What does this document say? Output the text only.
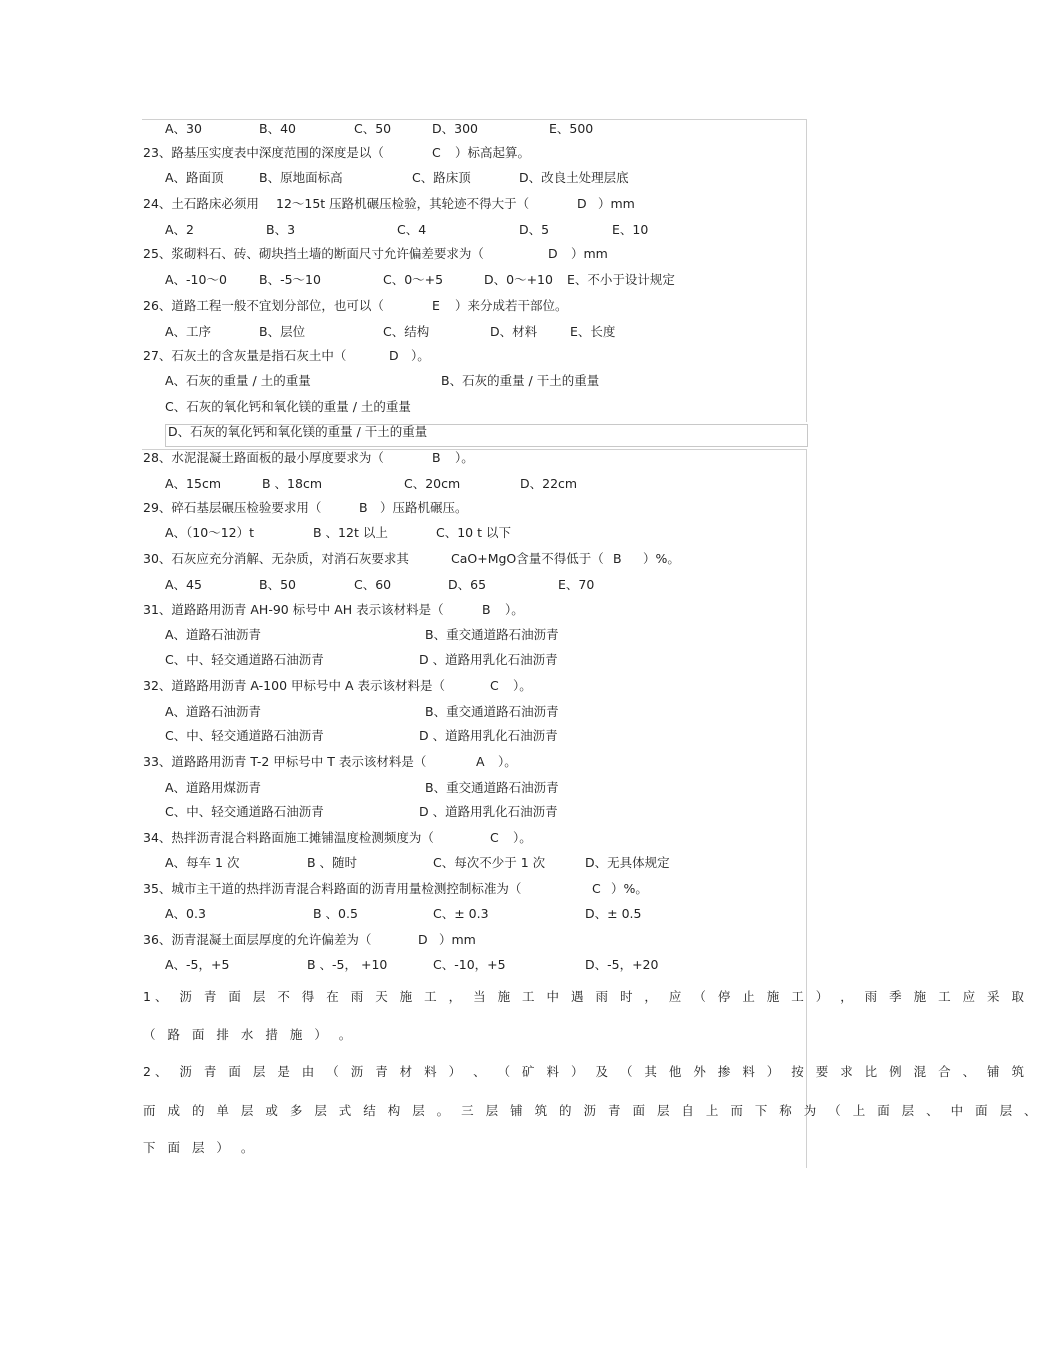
A、30	B、40	C、50	D、300	E、500
23、路基压实度表中深度范围的深度是以（	C ）标高起算。
A、路面顶	B、原地面标高	C、路床顶	D、改良土处理层底
24、土石路床必须用 12～15t 压路机碾压检验，其轮迹不得大于（	D ）mm
A、2	B、3	C、4	D、5	E、10
25、浆砌料石、砖、砌块挡土墙的断面尺寸允许偏差要求为（	D ）mm
A、-10～0	B、-5～10	C、0～+5	D、0～+10 E、不小于设计规定
26、道路工程一般不宜划分部位，也可以（	E ）来分成若干部位。
A、工序	B、层位	C、结构	D、材料	E、长度
27、石灰土的含灰量是指石灰土中（	D ）。
A、石灰的重量 / 土的重量	B、石灰的重量 / 干土的重量
C、石灰的氧化钙和氧化镁的重量 / 土的重量
D、石灰的氧化钙和氧化镁的重量 / 干土的重量
28、水泥混凝土路面板的最小厚度要求为（	B ）。
A、15cm	B 、18cm	C、20cm	D、22cm
29、碎石基层碾压检验要求用（	B ）压路机碾压。
A、（10～12）t	B 、12t 以上	C、10 t 以下
30、石灰应充分消解、无杂质，对消石灰要求其	CaO+MgO含量不得低于（ B ）%。
A、45	B、50	C、60	D、65	E、70
31、道路路用沥青 AH-90 标号中 AH 表示该材料是（	B ）。
A、道路石油沥青	B、重交通道路石油沥青
C、中、轻交通道路石油沥青	D 、道路用乳化石油沥青
32、道路路用沥青 A-100 甲标号中 A 表示该材料是（	C ）。
A、道路石油沥青	B、重交通道路石油沥青
C、中、轻交通道路石油沥青	D 、道路用乳化石油沥青
33、道路路用沥青 T-2 甲标号中 T 表示该材料是（	A ）。
A、道路用煤沥青	B、重交通道路石油沥青
C、中、轻交通道路石油沥青	D 、道路用乳化石油沥青
34、热拌沥青混合料路面施工摊铺温度检测频度为（	C ）。
A、每车 1 次	B 、随时	C、每次不少于 1 次	D、无具体规定
35、城市主干道的热拌沥青混合料路面的沥青用量检测控制标准为（	C ）%。
A、0.3	B 、0.5	C、± 0.3	D、± 0.5
36、沥青混凝土面层厚度的允许偏差为（	D ）mm
A、-5，+5	B 、-5， +10	C、-10，+5	D、-5，+20
1、 沥 青 面 层 不 得 在 雨 天 施 工 ， 当 施 工 中 遇 雨 时 ， 应 （ 停 止 施 工 ） ， 雨 季 施 工 应 采 取
（ 路 面 排 水 措 施 ） 。
2、 沥 青 面 层 是 由 （ 沥 青 材 料 ） 、 （ 矿 料 ） 及 （ 其 他 外 掺 料 ） 按 要 求 比 例 混 合 、 铺 筑
而 成 的 单 层 或 多 层 式 结 构 层 。 三 层 铺 筑 的 沥 青 面 层 自 上 而 下 称 为 （ 上 面 层 、 中 面 层 、
下 面 层 ） 。
